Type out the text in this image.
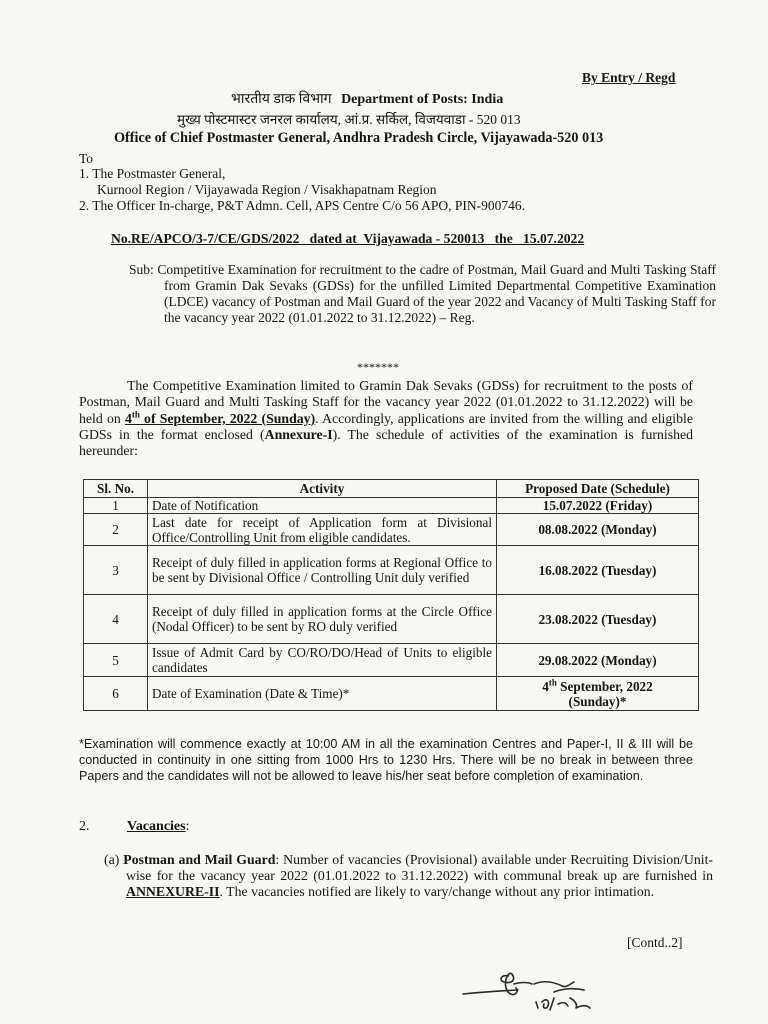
By Entry / Regd
भारतीय डाक विभाग Department of Posts: India
मुख्य पोस्टमास्टर जनरल कार्यालय, आं.प्र. सर्किल, विजयवाडा - 520 013
Office of Chief Postmaster General, Andhra Pradesh Circle, Vijayawada-520 013
To
1. The Postmaster General,
Kurnool Region / Vijayawada Region / Visakhapatnam Region
2. The Officer In-charge, P&T Admn. Cell, APS Centre C/o 56 APO, PIN-900746.
No.RE/APCO/3-7/CE/GDS/2022   dated at  Vijayawada - 520013   the   15.07.2022

Sub: Competitive Examination for recruitment to the cadre of Postman, Mail Guard and Multi Tasking Staff from Gramin Dak Sevaks (GDSs) for the unfilled Limited Departmental Competitive Examination (LDCE) vacancy of Postman and Mail Guard of the year 2022 and Vacancy of Multi Tasking Staff for the vacancy year 2022 (01.01.2022 to 31.12.2022) – Reg.

*******

The Competitive Examination limited to Gramin Dak Sevaks (GDSs) for recruitment to the posts of Postman, Mail Guard and Multi Tasking Staff for the vacancy year 2022 (01.01.2022 to 31.12.2022) will be held on 4th of September, 2022 (Sunday). Accordingly, applications are invited from the willing and eligible GDSs in the format enclosed (Annexure-I). The schedule of activities of the examination is furnished hereunder:

Sl. No.	Activity	Proposed Date (Schedule)
1	Date of Notification	15.07.2022 (Friday)
2	Last date for receipt of Application form at Divisional Office/Controlling Unit from eligible candidates.	08.08.2022 (Monday)
3	Receipt of duly filled in application forms at Regional Office to be sent by Divisional Office / Controlling Unit duly verified	16.08.2022 (Tuesday)
4	Receipt of duly filled in application forms at the Circle Office (Nodal Officer) to be sent by RO duly verified	23.08.2022 (Tuesday)
5	Issue of Admit Card by CO/RO/DO/Head of Units to eligible candidates	29.08.2022 (Monday)
6	Date of Examination (Date & Time)*	4th September, 2022
(Sunday)*

*Examination will commence exactly at 10:00 AM in all the examination Centres and Paper-I, II & III will be conducted in continuity in one sitting from 1000 Hrs to 1230 Hrs. There will be no break in between three Papers and the candidates will not be allowed to leave his/her seat before completion of examination.

2.	Vacancies:

(a) Postman and Mail Guard: Number of vacancies (Provisional) available under Recruiting Division/Unit-wise for the vacancy year 2022 (01.01.2022 to 31.12.2022) with communal break up are furnished in ANNEXURE-II. The vacancies notified are likely to vary/change without any prior intimation.

[Contd..2]
